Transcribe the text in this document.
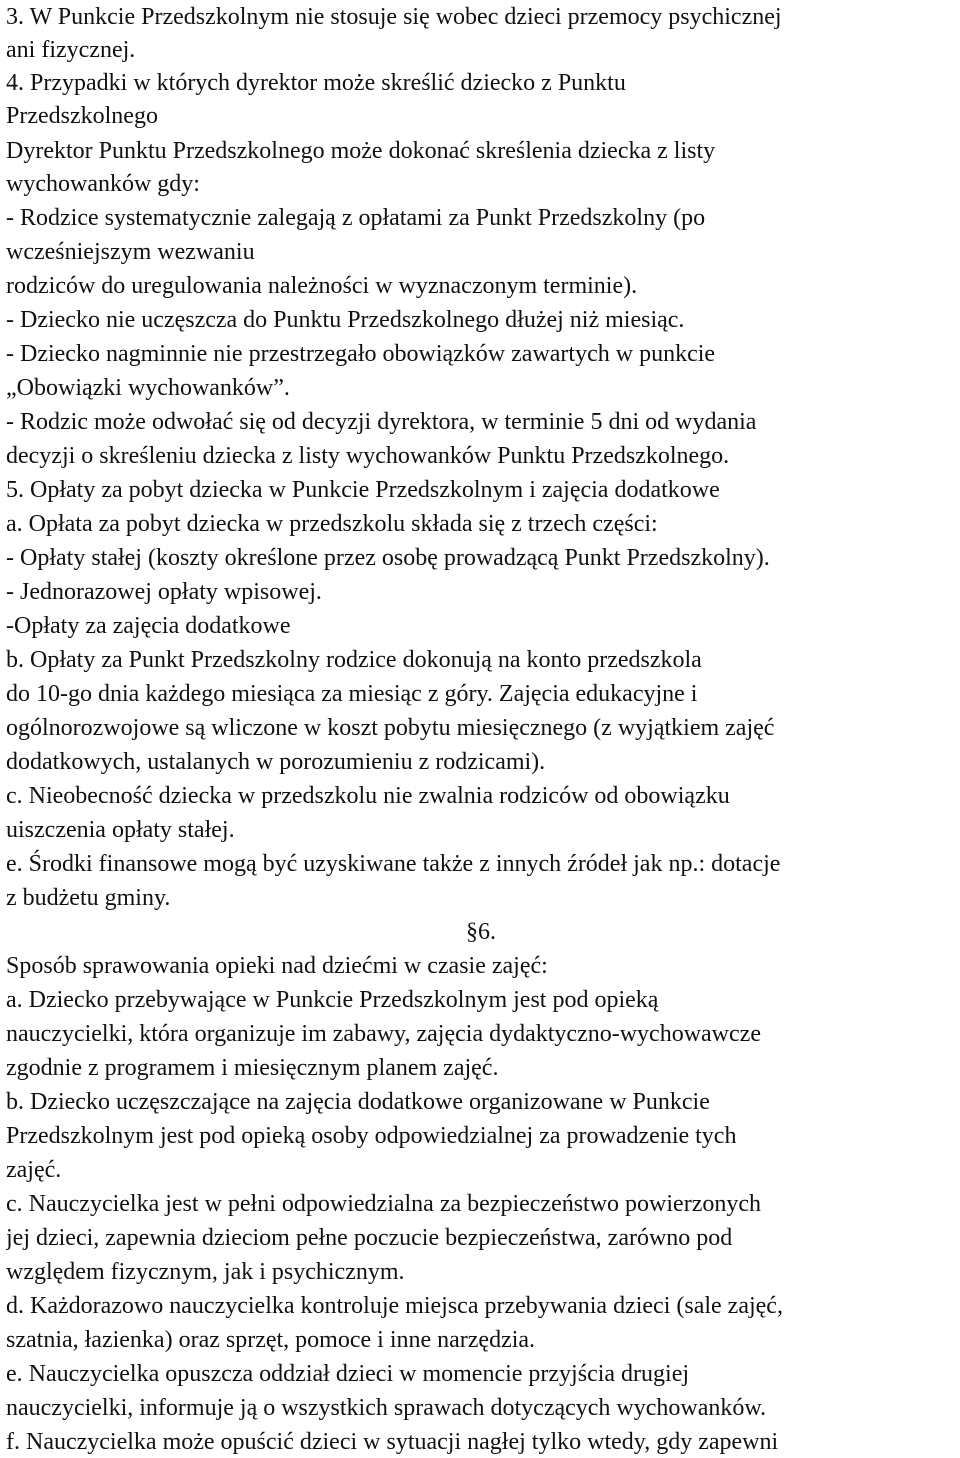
3. W Punkcie Przedszkolnym nie stosuje się wobec dzieci przemocy psychicznej
ani fizycznej.
4. Przypadki w których dyrektor może skreślić dziecko z Punktu
Przedszkolnego
Dyrektor Punktu Przedszkolnego może dokonać skreślenia dziecka z listy
wychowanków gdy:
- Rodzice systematycznie zalegają z opłatami za Punkt Przedszkolny (po
wcześniejszym wezwaniu
rodziców do uregulowania należności w wyznaczonym terminie).
- Dziecko nie uczęszcza do Punktu Przedszkolnego dłużej niż miesiąc.
- Dziecko nagminnie nie przestrzegało obowiązków zawartych w punkcie
„Obowiązki wychowanków”.
- Rodzic może odwołać się od decyzji dyrektora, w terminie 5 dni od wydania
decyzji o skreśleniu dziecka z listy wychowanków Punktu Przedszkolnego.
5. Opłaty za pobyt dziecka w Punkcie Przedszkolnym i zajęcia dodatkowe
a. Opłata za pobyt dziecka w przedszkolu składa się z trzech części:
- Opłaty stałej (koszty określone przez osobę prowadzącą Punkt Przedszkolny).
- Jednorazowej opłaty wpisowej.
-Opłaty za zajęcia dodatkowe
b. Opłaty za Punkt Przedszkolny rodzice dokonują na konto przedszkola
do 10-go dnia każdego miesiąca za miesiąc z góry. Zajęcia edukacyjne i
ogólnorozwojowe są wliczone w koszt pobytu miesięcznego (z wyjątkiem zajęć
dodatkowych, ustalanych w porozumieniu z rodzicami).
c. Nieobecność dziecka w przedszkolu nie zwalnia rodziców od obowiązku
uiszczenia opłaty stałej.
e. Środki finansowe mogą być uzyskiwane także z innych źródeł jak np.: dotacje
z budżetu gminy.
§6.
Sposób sprawowania opieki nad dziećmi w czasie zajęć:
a. Dziecko przebywające w Punkcie Przedszkolnym jest pod opieką
nauczycielki, która organizuje im zabawy, zajęcia dydaktyczno-wychowawcze
zgodnie z programem i miesięcznym planem zajęć.
b. Dziecko uczęszczające na zajęcia dodatkowe organizowane w Punkcie
Przedszkolnym jest pod opieką osoby odpowiedzialnej za prowadzenie tych
zajęć.
c. Nauczycielka jest w pełni odpowiedzialna za bezpieczeństwo powierzonych
jej dzieci, zapewnia dzieciom pełne poczucie bezpieczeństwa, zarówno pod
względem fizycznym, jak i psychicznym.
d. Każdorazowo nauczycielka kontroluje miejsca przebywania dzieci (sale zajęć,
szatnia, łazienka) oraz sprzęt, pomoce i inne narzędzia.
e. Nauczycielka opuszcza oddział dzieci w momencie przyjścia drugiej
nauczycielki, informuje ją o wszystkich sprawach dotyczących wychowanków.
f. Nauczycielka może opuścić dzieci w sytuacji nagłej tylko wtedy, gdy zapewni
